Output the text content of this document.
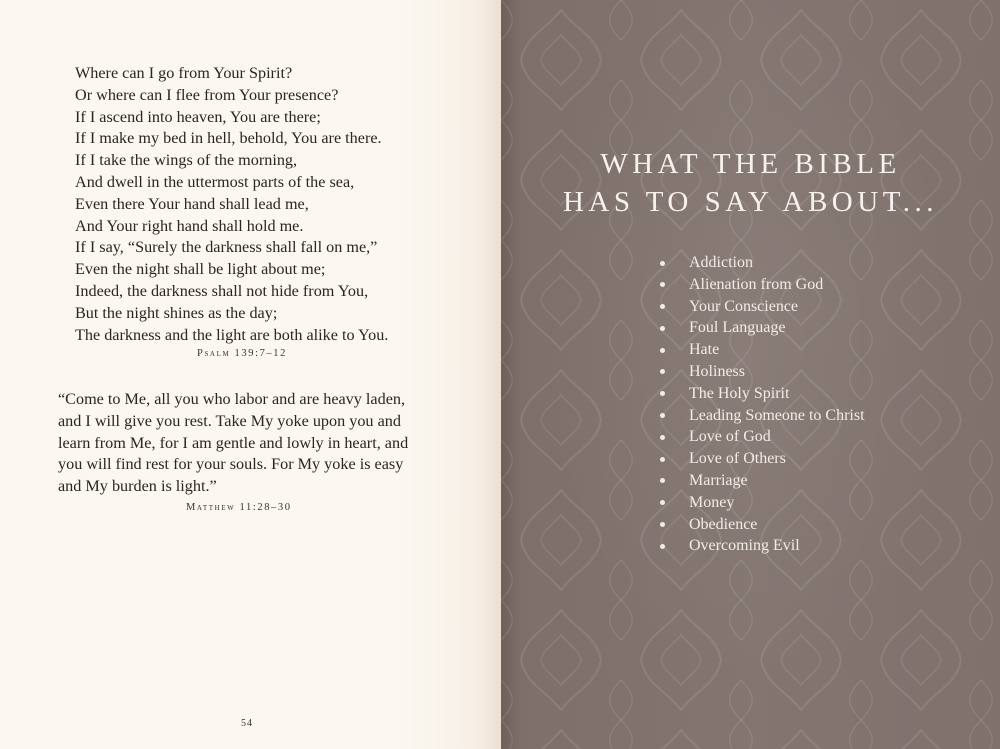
Where can I go from Your Spirit?
Or where can I flee from Your presence?
If I ascend into heaven, You are there;
If I make my bed in hell, behold, You are there.
If I take the wings of the morning,
And dwell in the uttermost parts of the sea,
Even there Your hand shall lead me,
And Your right hand shall hold me.
If I say, “Surely the darkness shall fall on me,”
Even the night shall be light about me;
Indeed, the darkness shall not hide from You,
But the night shines as the day;
The darkness and the light are both alike to You.
Psalm 139:7–12
“Come to Me, all you who labor and are heavy laden,
and I will give you rest. Take My yoke upon you and
learn from Me, for I am gentle and lowly in heart, and
you will find rest for your souls. For My yoke is easy
and My burden is light.”
Matthew 11:28–30
54
WHAT THE BIBLE
HAS TO SAY ABOUT...
Addiction
Alienation from God
Your Conscience
Foul Language
Hate
Holiness
The Holy Spirit
Leading Someone to Christ
Love of God
Love of Others
Marriage
Money
Obedience
Overcoming Evil
